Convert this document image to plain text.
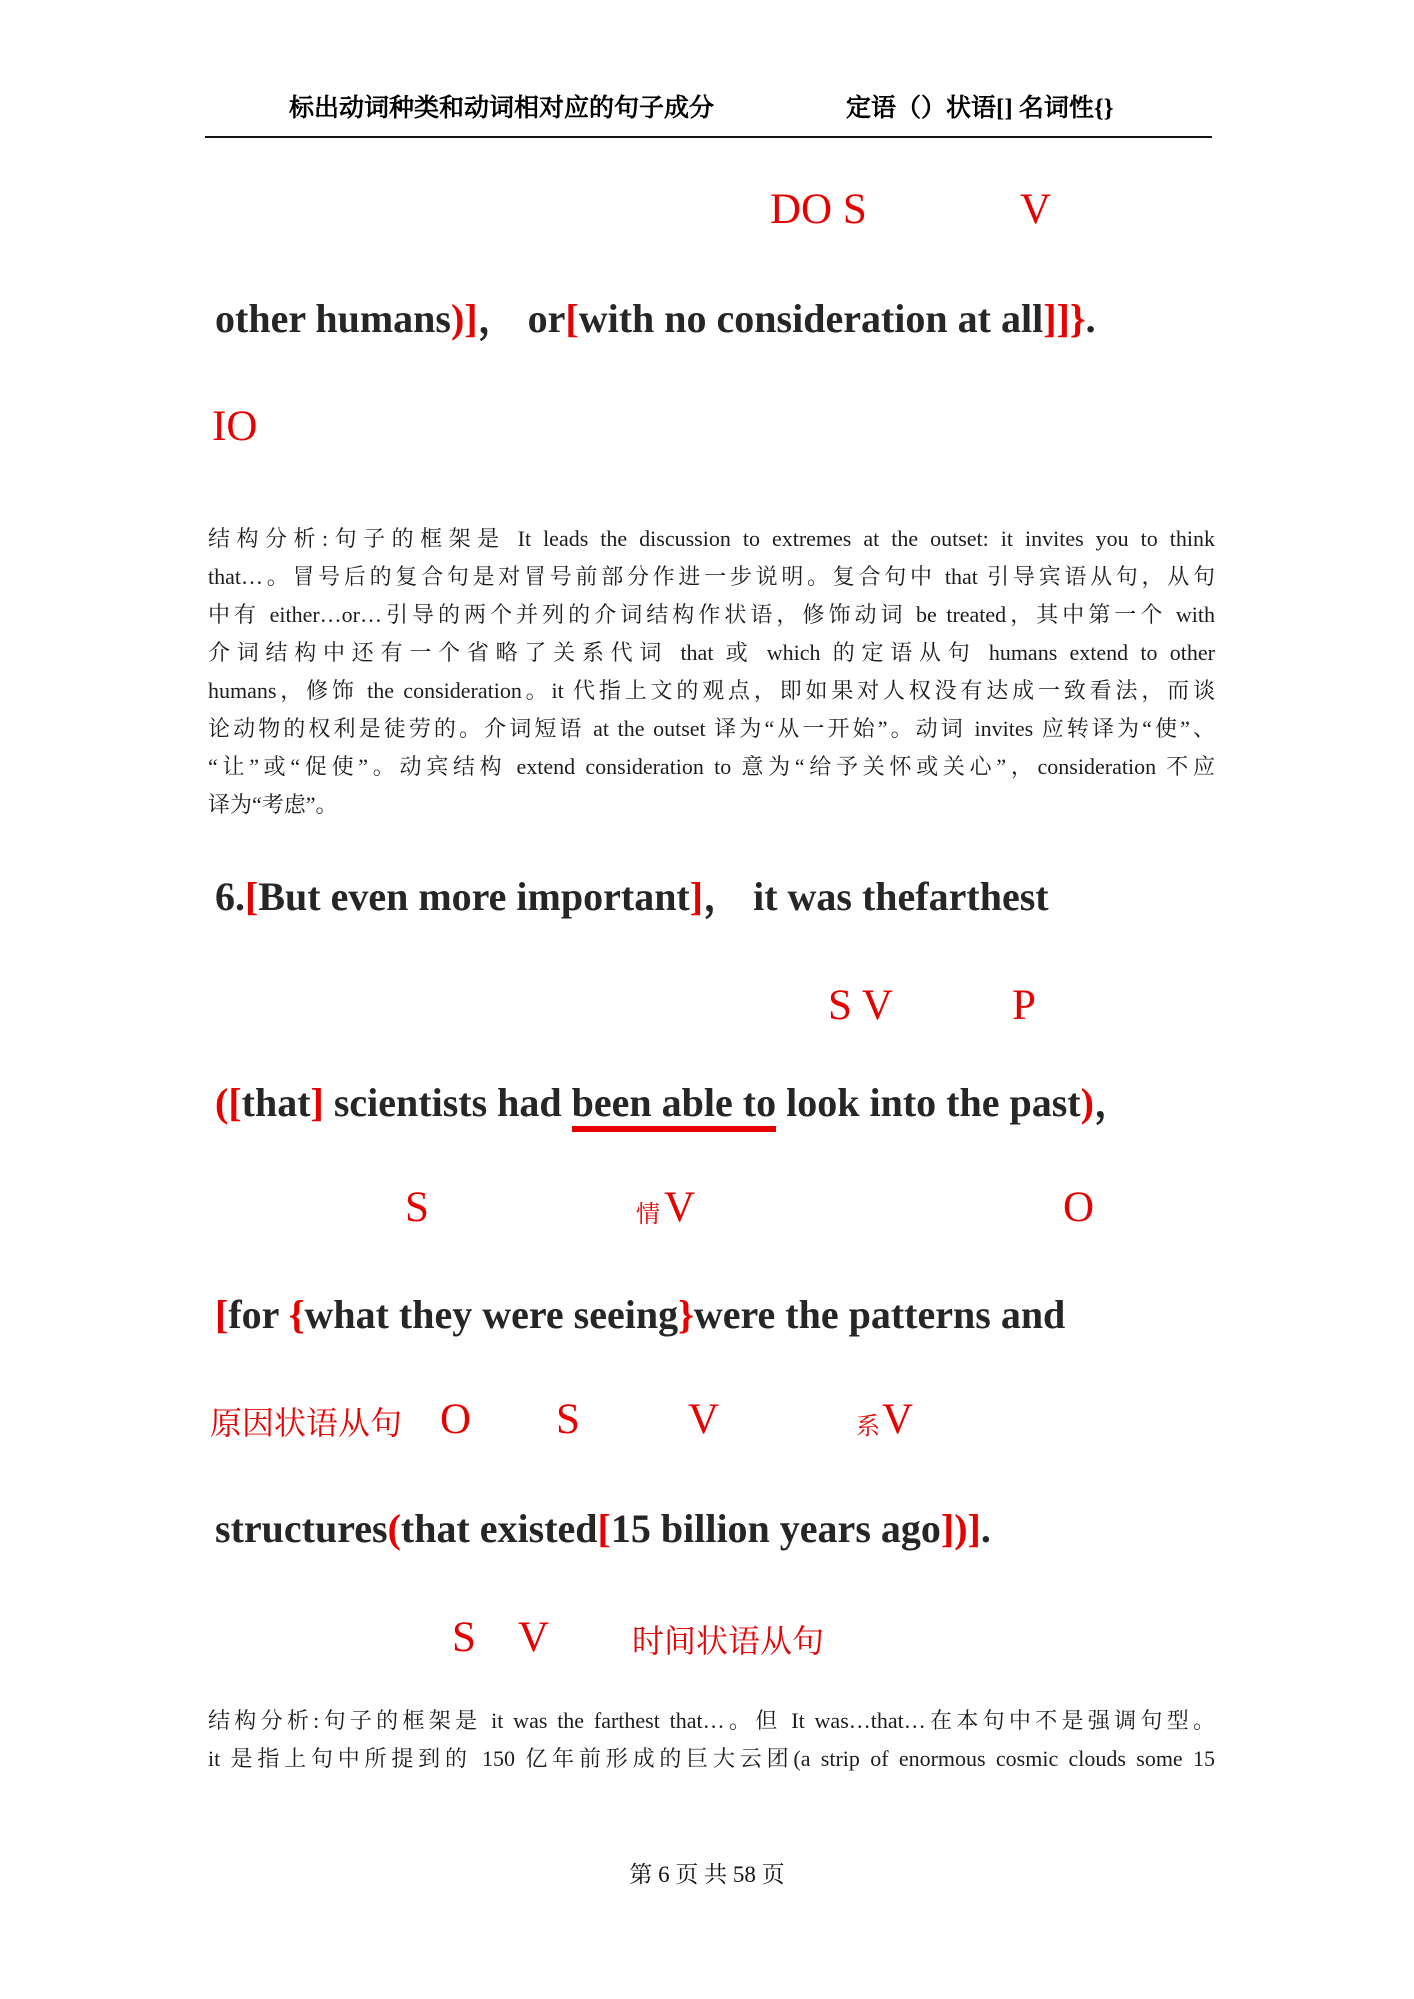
标出动词种类和动词相对应的句子成分	定语（）状语[] 名词性{}
DO S	V
other humans)]， or[with no consideration at all]]}.
IO
结构分析:句子的框架是 It leads the discussion to extremes at the outset: it invites you to think
that…。冒号后的复合句是对冒号前部分作进一步说明。复合句中 that 引导宾语从句，从句
中有 either…or…引导的两个并列的介词结构作状语，修饰动词 be treated，其中第一个 with
介词结构中还有一个省略了关系代词 that 或 which 的定语从句 humans extend to other
humans，修饰 the consideration。it 代指上文的观点，即如果对人权没有达成一致看法，而谈
论动物的权利是徒劳的。介词短语 at the outset 译为“从一开始”。动词 invites 应转译为“使”、
“让”或“促使”。动宾结构 extend consideration to 意为“给予关怀或关心”，consideration 不应
译为“考虑”。
6.[But even more important]， it was thefarthest
S V	P
([that] scientists had been able to look into the past)，
S	情 V	O
[for {what they were seeing}were the patterns and
原因状语从句 O S	V	系 V
structures(that existed[15 billion years ago])].
S V	时间状语从句
结构分析:句子的框架是 it was the farthest that…。但 It was…that…在本句中不是强调句型。
it 是指上句中所提到的 150 亿年前形成的巨大云团(a strip of enormous cosmic clouds some 15
第 6 页 共 58 页
